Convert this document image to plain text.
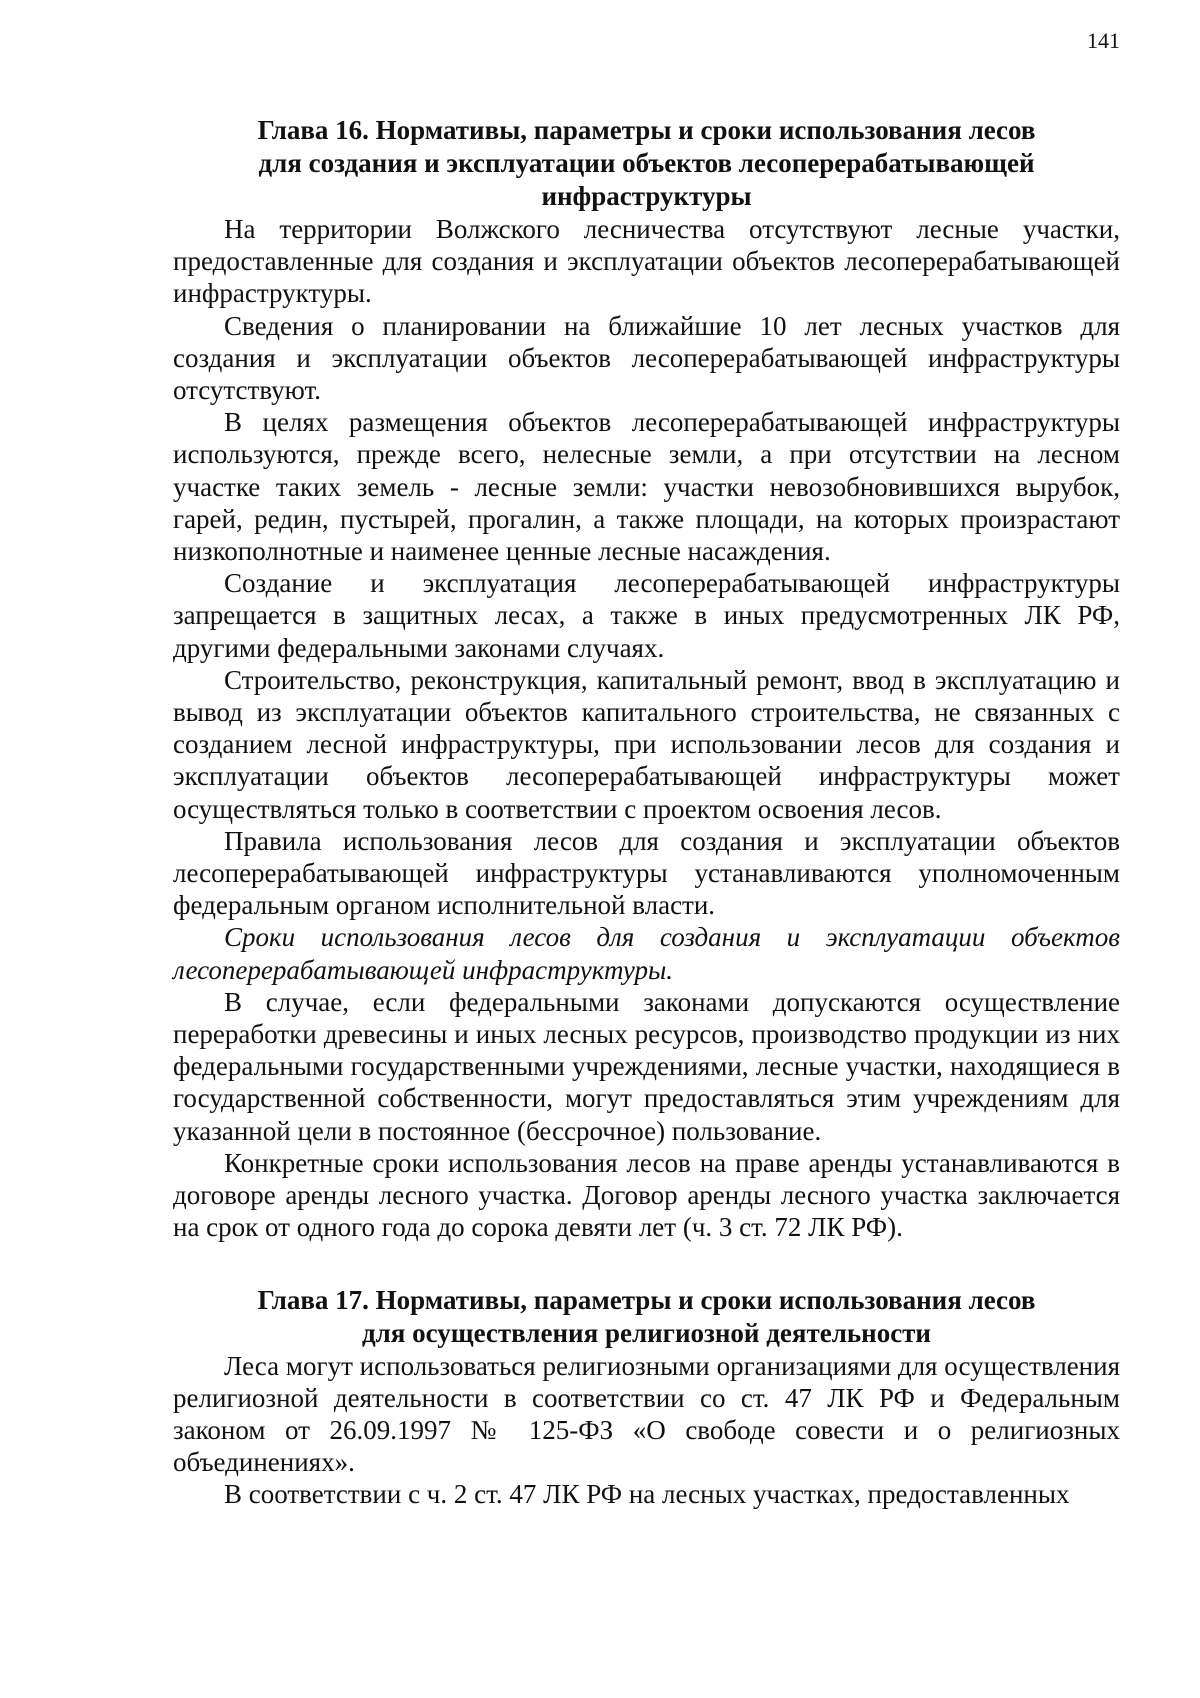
141
Глава 16. Нормативы, параметры и сроки использования лесов
для создания и эксплуатации объектов лесоперерабатывающей
инфраструктуры

На территории Волжского лесничества отсутствуют лесные участки, предоставленные для создания и эксплуатации объектов лесоперерабатывающей инфраструктуры.

Сведения о планировании на ближайшие 10 лет лесных участков для создания и эксплуатации объектов лесоперерабатывающей инфраструктуры отсутствуют.

В целях размещения объектов лесоперерабатывающей инфраструктуры используются, прежде всего, нелесные земли, а при отсутствии на лесном участке таких земель - лесные земли: участки невозобновившихся вырубок, гарей, редин, пустырей, прогалин, а также площади, на которых произрастают низкополнотные и наименее ценные лесные насаждения.

Создание и эксплуатация лесоперерабатывающей инфраструктуры запрещается в защитных лесах, а также в иных предусмотренных ЛК РФ, другими федеральными законами случаях.

Строительство, реконструкция, капитальный ремонт, ввод в эксплуатацию и вывод из эксплуатации объектов капитального строительства, не связанных с созданием лесной инфраструктуры, при использовании лесов для создания и эксплуатации объектов лесоперерабатывающей инфраструктуры может осуществляться только в соответствии с проектом освоения лесов.

Правила использования лесов для создания и эксплуатации объектов лесоперерабатывающей инфраструктуры устанавливаются уполномоченным федеральным органом исполнительной власти.

Сроки использования лесов для создания и эксплуатации объектов лесоперерабатывающей инфраструктуры.

В случае, если федеральными законами допускаются осуществление переработки древесины и иных лесных ресурсов, производство продукции из них федеральными государственными учреждениями, лесные участки, находящиеся в государственной собственности, могут предоставляться этим учреждениям для указанной цели в постоянное (бессрочное) пользование.

Конкретные сроки использования лесов на праве аренды устанавливаются в договоре аренды лесного участка. Договор аренды лесного участка заключается на срок от одного года до сорока девяти лет (ч. 3 ст. 72 ЛК РФ).

Глава 17. Нормативы, параметры и сроки использования лесов
для осуществления религиозной деятельности

Леса могут использоваться религиозными организациями для осуществления религиозной деятельности в соответствии со ст. 47 ЛК РФ и Федеральным законом от 26.09.1997 № 125-ФЗ «О свободе совести и о религиозных объединениях».

В соответствии с ч. 2 ст. 47 ЛК РФ на лесных участках, предоставленных
